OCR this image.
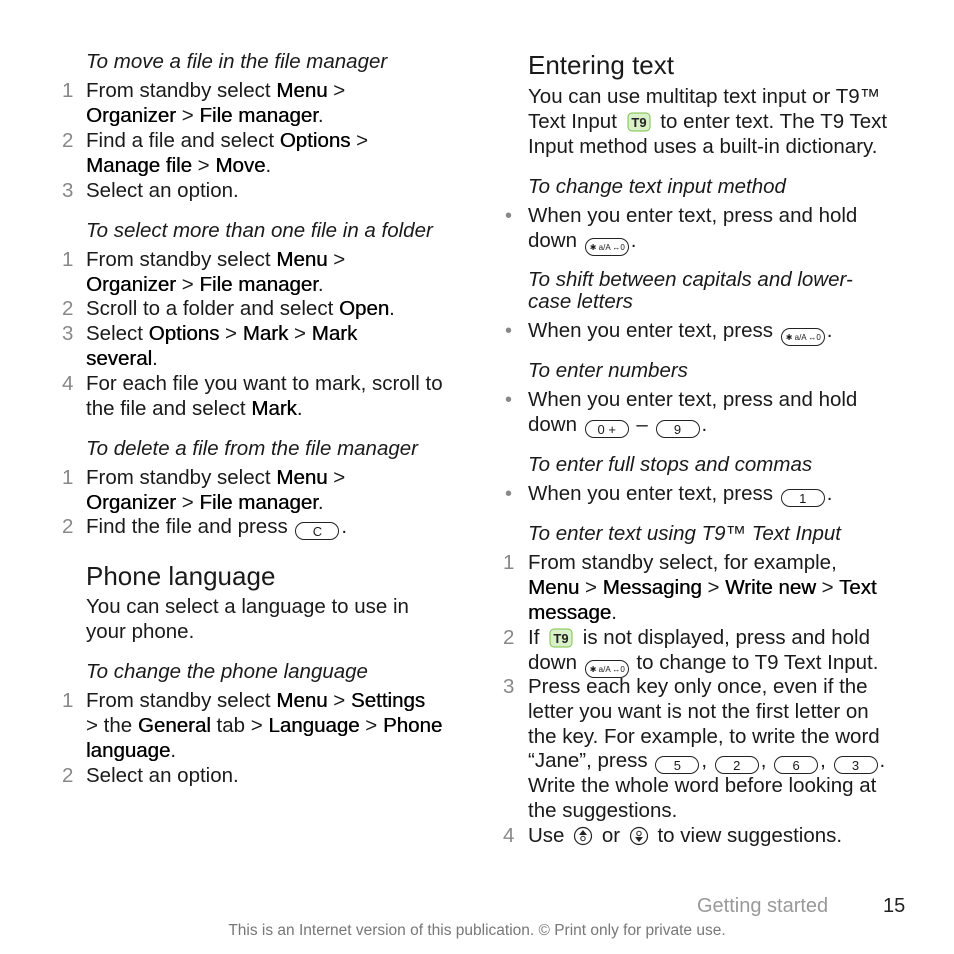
To move a file in the file manager
1 From standby select Menu >
Organizer > File manager.
2 Find a file and select Options >
Manage file > Move.
3 Select an option.
To select more than one file in a folder
1 From standby select Menu >
Organizer > File manager.
2 Scroll to a folder and select Open.
3 Select Options > Mark > Mark
several.
4 For each file you want to mark, scroll to
the file and select Mark.
To delete a file from the file manager
1 From standby select Menu >
Organizer > File manager.
2 Find the file and press C .
Phone language
You can select a language to use in
your phone.
To change the phone language
1 From standby select Menu > Settings
> the General tab > Language > Phone
language.
2 Select an option.
Entering text
You can use multitap text input or T9™
Text Input T9 to enter text. The T9 Text
Input method uses a built-in dictionary.
To change text input method
• When you enter text, press and hold
down ✱ a/A ↔0 .
To shift between capitals and lower-
case letters
• When you enter text, press ✱ a/A ↔0 .
To enter numbers
• When you enter text, press and hold
down 0 + – 9 .
To enter full stops and commas
• When you enter text, press 1 .
To enter text using T9™ Text Input
1 From standby select, for example,
Menu > Messaging > Write new > Text
message.
2 If T9 is not displayed, press and hold
down ✱ a/A ↔0 to change to T9 Text Input.
3 Press each key only once, even if the
letter you want is not the first letter on
the key. For example, to write the word
“Jane”, press 5 , 2 , 6 , 3 .
Write the whole word before looking at
the suggestions.
4 Use  or  to view suggestions.
Getting started	15
This is an Internet version of this publication. © Print only for private use.
